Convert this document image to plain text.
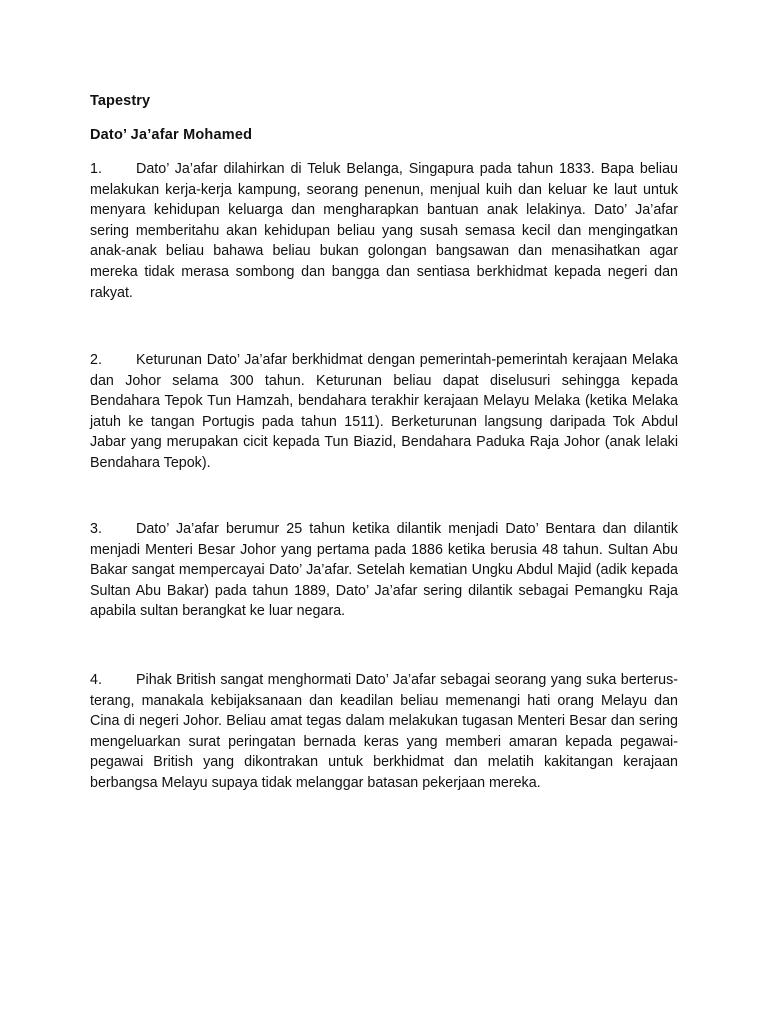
Tapestry
Dato’ Ja’afar Mohamed

1. Dato’ Ja’afar dilahirkan di Teluk Belanga, Singapura pada tahun 1833. Bapa beliau melakukan kerja-kerja kampung, seorang penenun, menjual kuih dan keluar ke laut untuk menyara kehidupan keluarga dan mengharapkan bantuan anak lelakinya. Dato’ Ja’afar sering memberitahu akan kehidupan beliau yang susah semasa kecil dan mengingatkan anak-anak beliau bahawa beliau bukan golongan bangsawan dan menasihatkan agar mereka tidak merasa sombong dan bangga dan sentiasa berkhidmat kepada negeri dan rakyat.

2. Keturunan Dato’ Ja’afar berkhidmat dengan pemerintah-pemerintah kerajaan Melaka dan Johor selama 300 tahun. Keturunan beliau dapat diselusuri sehingga kepada Bendahara Tepok Tun Hamzah, bendahara terakhir kerajaan Melayu Melaka (ketika Melaka jatuh ke tangan Portugis pada tahun 1511). Berketurunan langsung daripada Tok Abdul Jabar yang merupakan cicit kepada Tun Biazid, Bendahara Paduka Raja Johor (anak lelaki Bendahara Tepok).

3. Dato’ Ja’afar berumur 25 tahun ketika dilantik menjadi Dato’ Bentara dan dilantik menjadi Menteri Besar Johor yang pertama pada 1886 ketika berusia 48 tahun. Sultan Abu Bakar sangat mempercayai Dato’ Ja’afar. Setelah kematian Ungku Abdul Majid (adik kepada Sultan Abu Bakar) pada tahun 1889, Dato’ Ja’afar sering dilantik sebagai Pemangku Raja apabila sultan berangkat ke luar negara.

4. Pihak British sangat menghormati Dato’ Ja’afar sebagai seorang yang suka berterus-terang, manakala kebijaksanaan dan keadilan beliau memenangi hati orang Melayu dan Cina di negeri Johor. Beliau amat tegas dalam melakukan tugasan Menteri Besar dan sering mengeluarkan surat peringatan bernada keras yang memberi amaran kepada pegawai-pegawai British yang dikontrakan untuk berkhidmat dan melatih kakitangan kerajaan berbangsa Melayu supaya tidak melanggar batasan pekerjaan mereka.
